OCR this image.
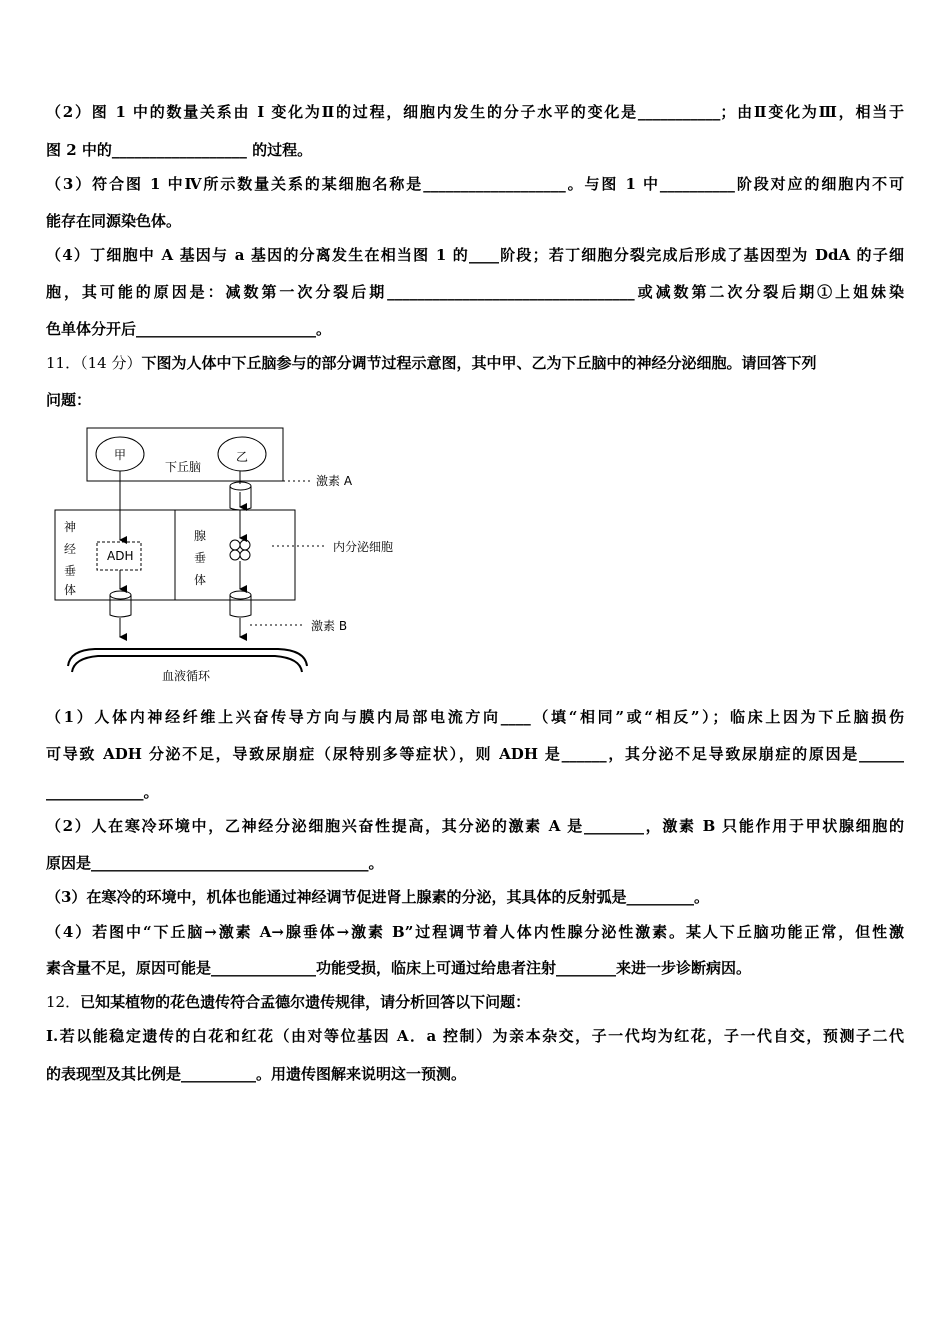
（2）图 1 中的数量关系由 I 变化为Ⅱ的过程，细胞内发生的分子水平的变化是___________；由Ⅱ变化为Ⅲ，相当于
图 2 中的__________________ 的过程。
（3）符合图 1 中Ⅳ所示数量关系的某细胞名称是___________________。与图 1 中__________阶段对应的细胞内不可
能存在同源染色体。
（4）丁细胞中 A 基因与 a 基因的分离发生在相当图 1 的____阶段；若丁细胞分裂完成后形成了基因型为 DdA 的子细
胞，其可能的原因是：减数第一次分裂后期_________________________________或减数第二次分裂后期①上姐妹染
色单体分开后________________________。
11．（14 分）下图为人体中下丘脑参与的部分调节过程示意图，其中甲、乙为下丘脑中的神经分泌细胞。请回答下列
问题：
甲	乙
下丘脑
激素 A
神
经
垂
体
腺
垂
体
ADH
内分泌细胞
激素 B
血液循环
（1）人体内神经纤维上兴奋传导方向与膜内局部电流方向____（填“相同”或“相反”）；临床上因为下丘脑损伤
可导致 ADH 分泌不足，导致尿崩症（尿特别多等症状），则 ADH 是______，其分泌不足导致尿崩症的原因是______
_____________。
（2）人在寒冷环境中，乙神经分泌细胞兴奋性提高，其分泌的激素 A 是________，激素 B 只能作用于甲状腺细胞的
原因是_____________________________________。
（3）在寒冷的环境中，机体也能通过神经调节促进肾上腺素的分泌，其具体的反射弧是_________。
（4）若图中“下丘脑→激素 A→腺垂体→激素 B”过程调节着人体内性腺分泌性激素。某人下丘脑功能正常，但性激
素含量不足，原因可能是______________功能受损，临床上可通过给患者注射________来进一步诊断病因。
12．已知某植物的花色遗传符合孟德尔遗传规律，请分析回答以下问题：
I.若以能稳定遗传的白花和红花（由对等位基因 A．a 控制）为亲本杂交，子一代均为红花，子一代自交，预测子二代
的表现型及其比例是__________。用遗传图解来说明这一预测。
